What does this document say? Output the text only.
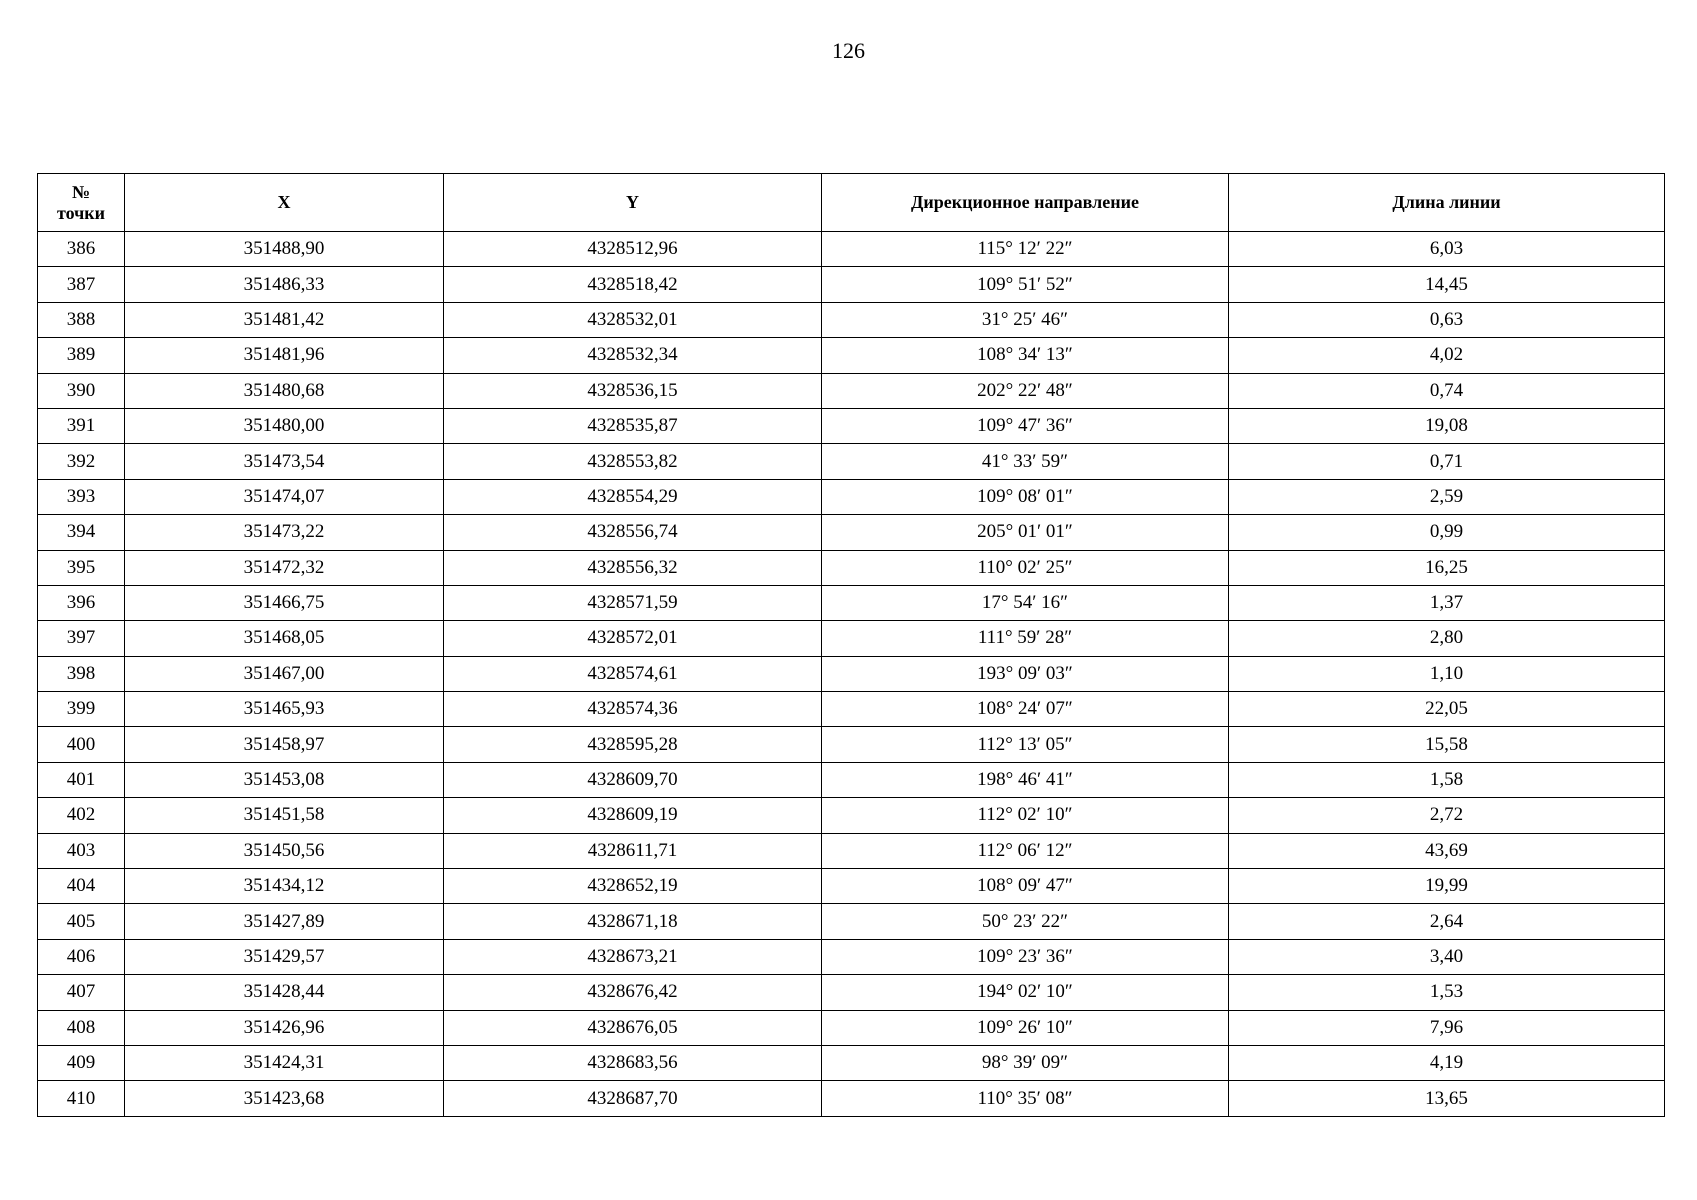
126
№
точки	X	Y	Дирекционное направление	Длина линии
386	351488,90	4328512,96	115° 12′ 22″	6,03
387	351486,33	4328518,42	109° 51′ 52″	14,45
388	351481,42	4328532,01	31° 25′ 46″	0,63
389	351481,96	4328532,34	108° 34′ 13″	4,02
390	351480,68	4328536,15	202° 22′ 48″	0,74
391	351480,00	4328535,87	109° 47′ 36″	19,08
392	351473,54	4328553,82	41° 33′ 59″	0,71
393	351474,07	4328554,29	109° 08′ 01″	2,59
394	351473,22	4328556,74	205° 01′ 01″	0,99
395	351472,32	4328556,32	110° 02′ 25″	16,25
396	351466,75	4328571,59	17° 54′ 16″	1,37
397	351468,05	4328572,01	111° 59′ 28″	2,80
398	351467,00	4328574,61	193° 09′ 03″	1,10
399	351465,93	4328574,36	108° 24′ 07″	22,05
400	351458,97	4328595,28	112° 13′ 05″	15,58
401	351453,08	4328609,70	198° 46′ 41″	1,58
402	351451,58	4328609,19	112° 02′ 10″	2,72
403	351450,56	4328611,71	112° 06′ 12″	43,69
404	351434,12	4328652,19	108° 09′ 47″	19,99
405	351427,89	4328671,18	50° 23′ 22″	2,64
406	351429,57	4328673,21	109° 23′ 36″	3,40
407	351428,44	4328676,42	194° 02′ 10″	1,53
408	351426,96	4328676,05	109° 26′ 10″	7,96
409	351424,31	4328683,56	98° 39′ 09″	4,19
410	351423,68	4328687,70	110° 35′ 08″	13,65
